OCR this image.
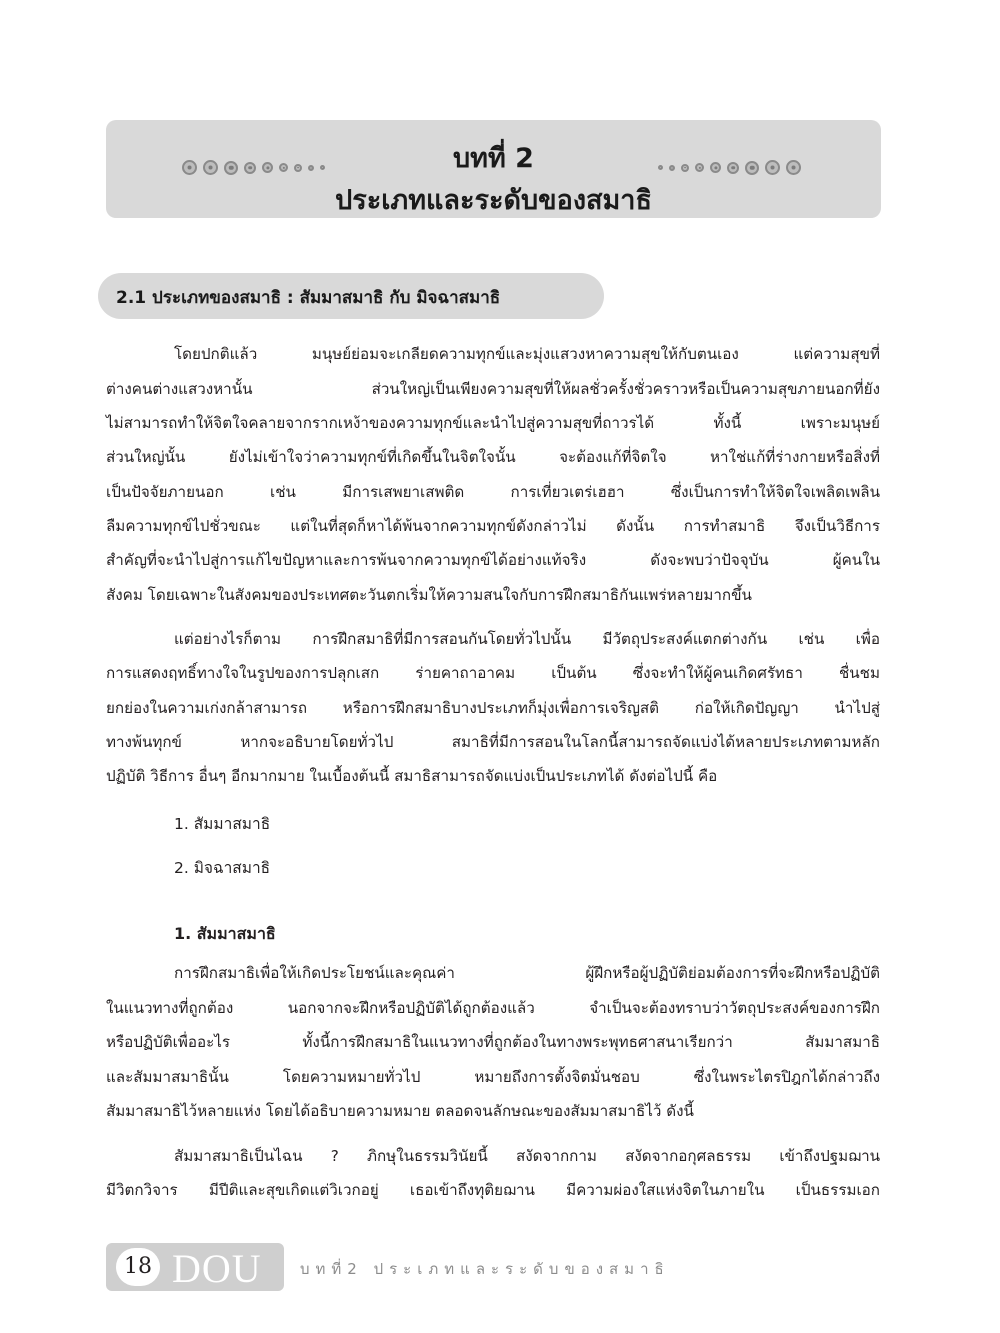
บทที่ 2
ประเภทและระดับของสมาธิ
2.1 ประเภทของสมาธิ : สัมมาสมาธิ กับ มิจฉาสมาธิ
โดยปกติแล้ว มนุษย์ย่อมจะเกลียดความทุกข์และมุ่งแสวงหาความสุขให้กับตนเอง แต่ความสุขที่
ต่างคนต่างแสวงหานั้น ส่วนใหญ่เป็นเพียงความสุขที่ให้ผลชั่วครั้งชั่วคราวหรือเป็นความสุขภายนอกที่ยัง
ไม่สามารถทำให้จิตใจคลายจากรากเหง้าของความทุกข์และนำไปสู่ความสุขที่ถาวรได้ ทั้งนี้ เพราะมนุษย์
ส่วนใหญ่นั้น ยังไม่เข้าใจว่าความทุกข์ที่เกิดขึ้นในจิตใจนั้น จะต้องแก้ที่จิตใจ หาใช่แก้ที่ร่างกายหรือสิ่งที่
เป็นปัจจัยภายนอก เช่น มีการเสพยาเสพติด การเที่ยวเตร่เฮฮา ซึ่งเป็นการทำให้จิตใจเพลิดเพลิน
ลืมความทุกข์ไปชั่วขณะ แต่ในที่สุดก็หาได้พ้นจากความทุกข์ดังกล่าวไม่ ดังนั้น การทำสมาธิ จึงเป็นวิธีการ
สำคัญที่จะนำไปสู่การแก้ไขปัญหาและการพ้นจากความทุกข์ได้อย่างแท้จริง ดังจะพบว่าปัจจุบัน ผู้คนใน
สังคม โดยเฉพาะในสังคมของประเทศตะวันตกเริ่มให้ความสนใจกับการฝึกสมาธิกันแพร่หลายมากขึ้น
แต่อย่างไรก็ตาม การฝึกสมาธิที่มีการสอนกันโดยทั่วไปนั้น มีวัตถุประสงค์แตกต่างกัน เช่น เพื่อ
การแสดงฤทธิ์ทางใจในรูปของการปลุกเสก ร่ายคาถาอาคม เป็นต้น ซึ่งจะทำให้ผู้คนเกิดศรัทธา ชื่นชม
ยกย่องในความเก่งกล้าสามารถ หรือการฝึกสมาธิบางประเภทก็มุ่งเพื่อการเจริญสติ ก่อให้เกิดปัญญา นำไปสู่
ทางพ้นทุกข์ หากจะอธิบายโดยทั่วไป สมาธิที่มีการสอนในโลกนี้สามารถจัดแบ่งได้หลายประเภทตามหลัก
ปฏิบัติ วิธีการ อื่นๆ อีกมากมาย ในเบื้องต้นนี้ สมาธิสามารถจัดแบ่งเป็นประเภทได้ ดังต่อไปนี้ คือ
1. สัมมาสมาธิ
2. มิจฉาสมาธิ
1. สัมมาสมาธิ
การฝึกสมาธิเพื่อให้เกิดประโยชน์และคุณค่า ผู้ฝึกหรือผู้ปฏิบัติย่อมต้องการที่จะฝึกหรือปฏิบัติ
ในแนวทางที่ถูกต้อง นอกจากจะฝึกหรือปฏิบัติได้ถูกต้องแล้ว จำเป็นจะต้องทราบว่าวัตถุประสงค์ของการฝึก
หรือปฏิบัติเพื่ออะไร ทั้งนี้การฝึกสมาธิในแนวทางที่ถูกต้องในทางพระพุทธศาสนาเรียกว่า สัมมาสมาธิ
และสัมมาสมาธินั้น โดยความหมายทั่วไป หมายถึงการตั้งจิตมั่นชอบ ซึ่งในพระไตรปิฎกได้กล่าวถึง
สัมมาสมาธิไว้หลายแห่ง โดยได้อธิบายความหมาย ตลอดจนลักษณะของสัมมาสมาธิไว้ ดังนี้
สัมมาสมาธิเป็นไฉน ? ภิกษุในธรรมวินัยนี้ สงัดจากกาม สงัดจากอกุศลธรรม เข้าถึงปฐมฌาน
มีวิตกวิจาร มีปีติและสุขเกิดแต่วิเวกอยู่ เธอเข้าถึงทุติยฌาน มีความผ่องใสแห่งจิตในภายใน เป็นธรรมเอก
18 DOU	บทที่2 ประเภทและระดับของสมาธิ
